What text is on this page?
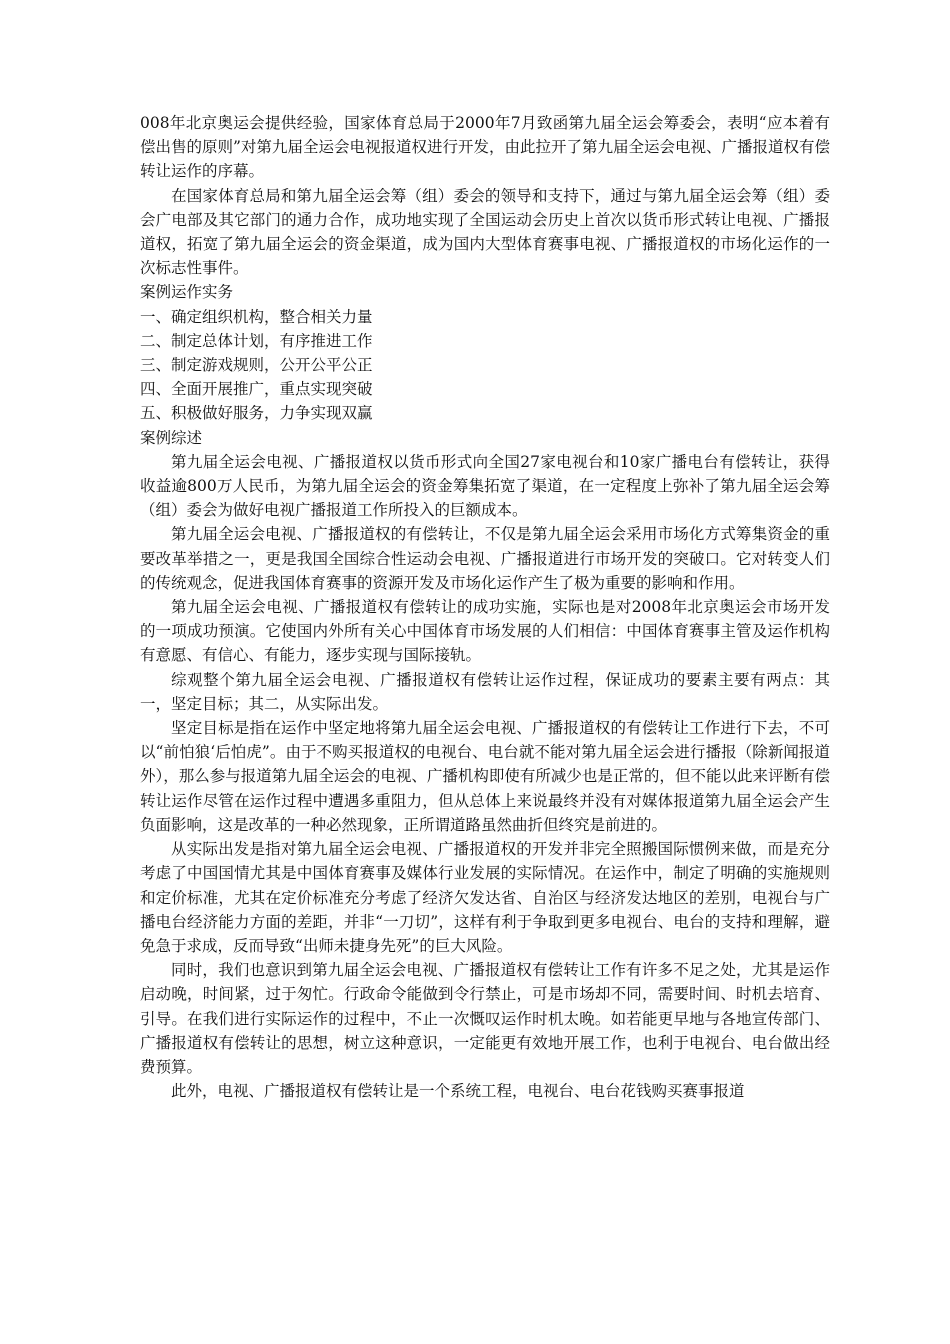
008年北京奥运会提供经验，国家体育总局于2000年7月致函第九届全运会筹委会，表明“应本着有偿出售的原则”对第九届全运会电视报道权进行开发，由此拉开了第九届全运会电视、广播报道权有偿转让运作的序幕。

在国家体育总局和第九届全运会筹（组）委会的领导和支持下，通过与第九届全运会筹（组）委会广电部及其它部门的通力合作，成功地实现了全国运动会历史上首次以货币形式转让电视、广播报道权，拓宽了第九届全运会的资金渠道，成为国内大型体育赛事电视、广播报道权的市场化运作的一次标志性事件。

案例运作实务

一、确定组织机构，整合相关力量

二、制定总体计划，有序推进工作

三、制定游戏规则，公开公平公正

四、全面开展推广，重点实现突破

五、积极做好服务，力争实现双赢

案例综述

第九届全运会电视、广播报道权以货币形式向全国27家电视台和10家广播电台有偿转让，获得收益逾800万人民币，为第九届全运会的资金筹集拓宽了渠道，在一定程度上弥补了第九届全运会筹（组）委会为做好电视广播报道工作所投入的巨额成本。

第九届全运会电视、广播报道权的有偿转让，不仅是第九届全运会采用市场化方式筹集资金的重要改革举措之一，更是我国全国综合性运动会电视、广播报道进行市场开发的突破口。它对转变人们的传统观念，促进我国体育赛事的资源开发及市场化运作产生了极为重要的影响和作用。

第九届全运会电视、广播报道权有偿转让的成功实施，实际也是对2008年北京奥运会市场开发的一项成功预演。它使国内外所有关心中国体育市场发展的人们相信：中国体育赛事主管及运作机构有意愿、有信心、有能力，逐步实现与国际接轨。

综观整个第九届全运会电视、广播报道权有偿转让运作过程，保证成功的要素主要有两点：其一，坚定目标；其二，从实际出发。

坚定目标是指在运作中坚定地将第九届全运会电视、广播报道权的有偿转让工作进行下去，不可以“前怕狼‘后怕虎”。由于不购买报道权的电视台、电台就不能对第九届全运会进行播报（除新闻报道外），那么参与报道第九届全运会的电视、广播机构即使有所减少也是正常的，但不能以此来评断有偿转让运作尽管在运作过程中遭遇多重阻力，但从总体上来说最终并没有对媒体报道第九届全运会产生负面影响，这是改革的一种必然现象，正所谓道路虽然曲折但终究是前进的。

从实际出发是指对第九届全运会电视、广播报道权的开发并非完全照搬国际惯例来做，而是充分考虑了中国国情尤其是中国体育赛事及媒体行业发展的实际情况。在运作中，制定了明确的实施规则和定价标准，尤其在定价标准充分考虑了经济欠发达省、自治区与经济发达地区的差别，电视台与广播电台经济能力方面的差距，并非“一刀切”，这样有利于争取到更多电视台、电台的支持和理解，避免急于求成，反而导致“出师未捷身先死”的巨大风险。

同时，我们也意识到第九届全运会电视、广播报道权有偿转让工作有许多不足之处，尤其是运作启动晚，时间紧，过于匆忙。行政命令能做到令行禁止，可是市场却不同，需要时间、时机去培育、引导。在我们进行实际运作的过程中，不止一次慨叹运作时机太晚。如若能更早地与各地宣传部门、广播报道权有偿转让的思想，树立这种意识，一定能更有效地开展工作，也利于电视台、电台做出经费预算。

此外，电视、广播报道权有偿转让是一个系统工程，电视台、电台花钱购买赛事报道
